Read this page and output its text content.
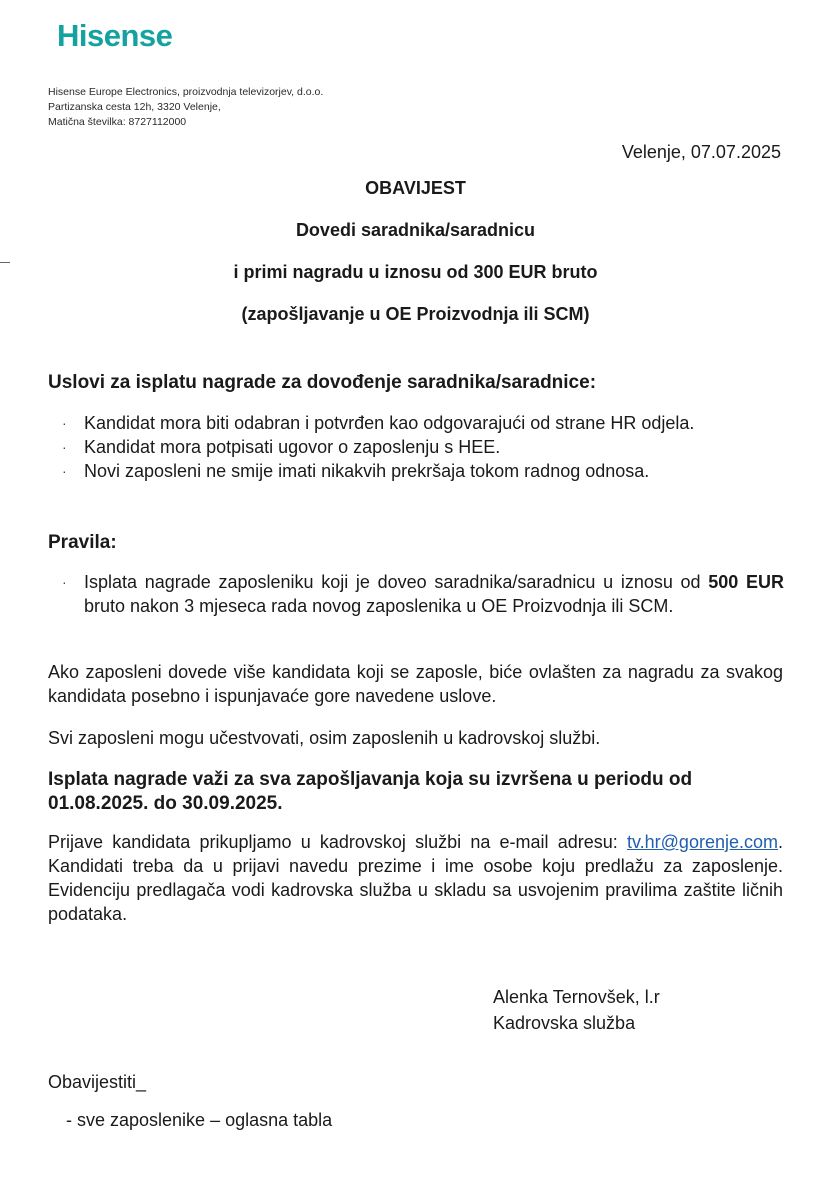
Hisense
Hisense Europe Electronics, proizvodnja televizorjev, d.o.o.
Partizanska cesta 12h, 3320 Velenje,
Matična številka: 8727112000
Velenje, 07.07.2025
OBAVIJEST
Dovedi saradnika/saradnicu
i primi nagradu u iznosu od 300 EUR bruto
(zapošljavanje u OE Proizvodnja ili SCM)
Uslovi za isplatu nagrade za dovođenje saradnika/saradnice:
· Kandidat mora biti odabran i potvrđen kao odgovarajući od strane HR odjela.
· Kandidat mora potpisati ugovor o zaposlenju s HEE.
· Novi zaposleni ne smije imati nikakvih prekršaja tokom radnog odnosa.
Pravila:
· Isplata nagrade zaposleniku koji je doveo saradnika/saradnicu u iznosu od 500 EUR bruto nakon 3 mjeseca rada novog zaposlenika u OE Proizvodnja ili SCM.
Ako zaposleni dovede više kandidata koji se zaposle, biće ovlašten za nagradu za svakog kandidata posebno i ispunjavaće gore navedene uslove.
Svi zaposleni mogu učestvovati, osim zaposlenih u kadrovskoj službi.
Isplata nagrade važi za sva zapošljavanja koja su izvršena u periodu od 01.08.2025. do 30.09.2025.
Prijave kandidata prikupljamo u kadrovskoj službi na e-mail adresu: tv.hr@gorenje.com. Kandidati treba da u prijavi navedu prezime i ime osobe koju predlažu za zaposlenje. Evidenciju predlagača vodi kadrovska služba u skladu sa usvojenim pravilima zaštite ličnih podataka.
Alenka Ternovšek, l.r
Kadrovska služba
Obavijestiti_
- sve zaposlenike – oglasna tabla
